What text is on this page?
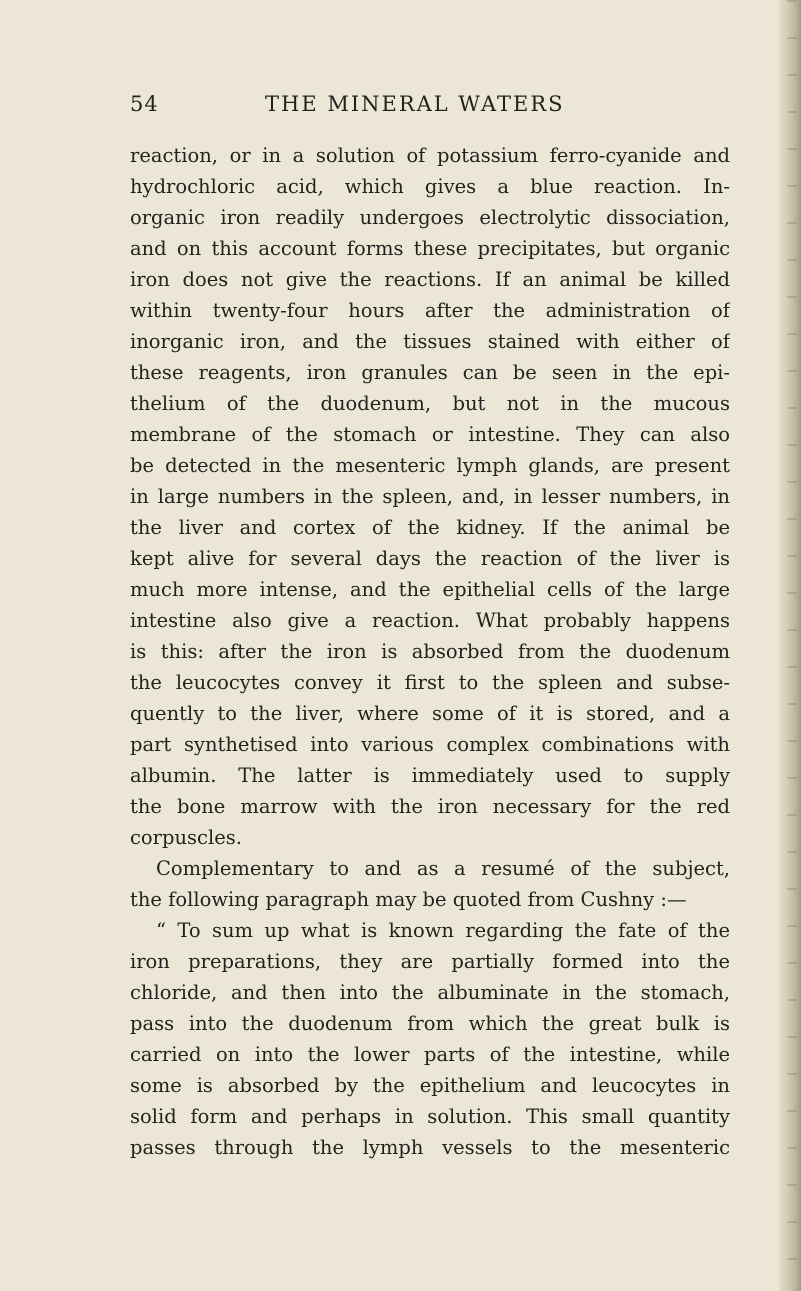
54	THE MINERAL WATERS
reaction, or in a solution of potassium ferro-cyanide and
hydrochloric acid, which gives a blue reaction. In-
organic iron readily undergoes electrolytic dissociation,
and on this account forms these precipitates, but organic
iron does not give the reactions. If an animal be killed
within twenty-four hours after the administration of
inorganic iron, and the tissues stained with either of
these reagents, iron granules can be seen in the epi-
thelium of the duodenum, but not in the mucous
membrane of the stomach or intestine. They can also
be detected in the mesenteric lymph glands, are present
in large numbers in the spleen, and, in lesser numbers, in
the liver and cortex of the kidney. If the animal be
kept alive for several days the reaction of the liver is
much more intense, and the epithelial cells of the large
intestine also give a reaction. What probably happens
is this: after the iron is absorbed from the duodenum
the leucocytes convey it first to the spleen and subse-
quently to the liver, where some of it is stored, and a
part synthetised into various complex combinations with
albumin. The latter is immediately used to supply
the bone marrow with the iron necessary for the red
corpuscles.
Complementary to and as a resumé of the subject,
the following paragraph may be quoted from Cushny :—
“ To sum up what is known regarding the fate of the
iron preparations, they are partially formed into the
chloride, and then into the albuminate in the stomach,
pass into the duodenum from which the great bulk is
carried on into the lower parts of the intestine, while
some is absorbed by the epithelium and leucocytes in
solid form and perhaps in solution. This small quantity
passes through the lymph vessels to the mesenteric
